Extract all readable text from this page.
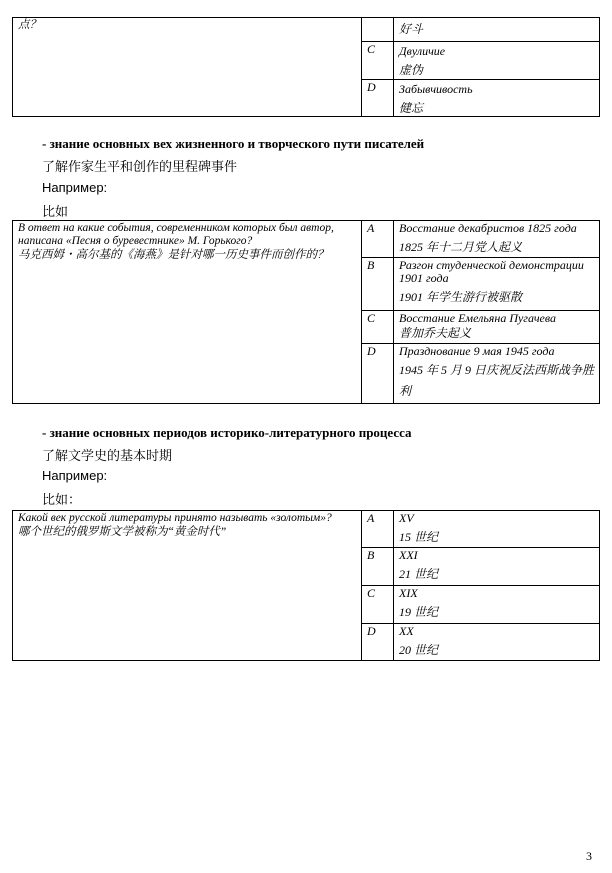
点？		好斗

	C	Двуличие
虚伪

	D	Забывчивость
健忘
- знание основных вех жизненного и творческого пути писателей
了解作家生平和创作的里程碑事件
Например:
比如
В ответ на какие события, современником которых был автор, написана «Песня о буревестнике» М. Горького?
马克西姆・高尔基的《海燕》是针对哪一历史事件而创作的？	A	Восстание декабристов 1825 года
1825 年十二月党人起义

	B	Разгон студенческой демонстрации 1901 года
1901 年学生游行被驱散

	C	Восстание Емельяна Пугачева
普加乔夫起义

	D	Празднование 9 мая 1945 года
1945 年 5 月 9 日庆祝反法西斯战争胜利
- знание основных периодов историко-литературного процесса
了解文学史的基本时期
Например:
比如：
Какой век русской литературы принято называть «золотым»?
哪个世纪的俄罗斯文学被称为“黄金时代”	A	XV
15 世纪

	B	XXI
21 世纪

	C	XIX
19 世纪

	D	XX
20 世纪
3
